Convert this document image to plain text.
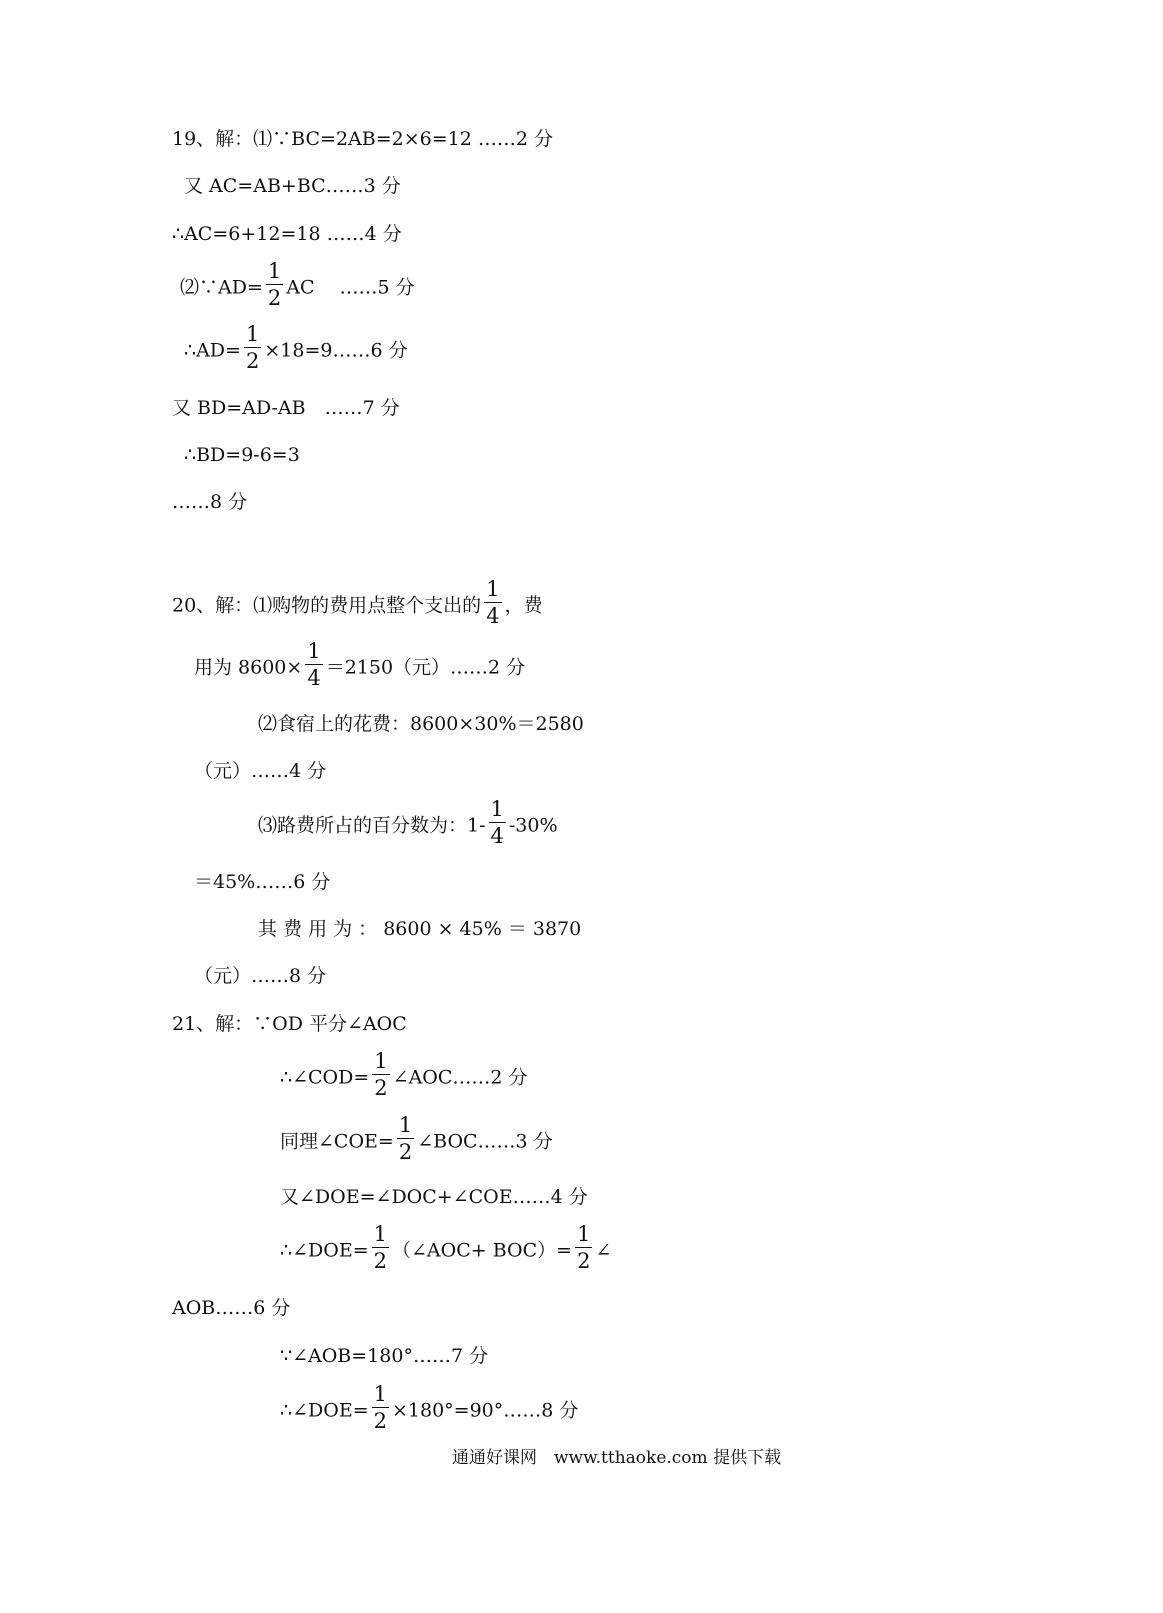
19、解：⑴∵BC=2AB=2×6=12 ……2 分
又 AC=AB+BC……3 分
∴AC=6+12=18 ……4 分
⑵∵AD= $\frac{1}{2}$ AC　 ……5 分
∴AD= $\frac{1}{2}$ ×18=9……6 分
又 BD=AD-AB　……7 分
∴BD=9-6=3
……8 分
20、解：⑴购物的费用点整个支出的 $\frac{1}{4}$ ，费
用为 $8600\times \frac{1}{4} =2150$（元）……2 分
⑵食宿上的花费：8600×30%＝2580
（元）……4 分
⑶路费所占的百分数为：$1- \frac{1}{4} -30\%$
＝45%……6 分
其 费 用 为 ： 8600 × 45% ＝ 3870
（元）……8 分
21、解：∵OD 平分∠AOC
∴∠COD= $\frac{1}{2}$ ∠AOC……2 分
同理∠COE= $\frac{1}{2}$ ∠BOC……3 分
又∠DOE=∠DOC+∠COE……4 分
∴∠DOE= $\frac{1}{2}$ （∠AOC+ $BOC)= \frac{1}{2}$ ∠
AOB……6 分
∵∠AOB=180°……7 分
∴∠DOE= $\frac{1}{2}$ ×180°=90°……8 分
通通好课网　www.tthaoke.com 提供下载
